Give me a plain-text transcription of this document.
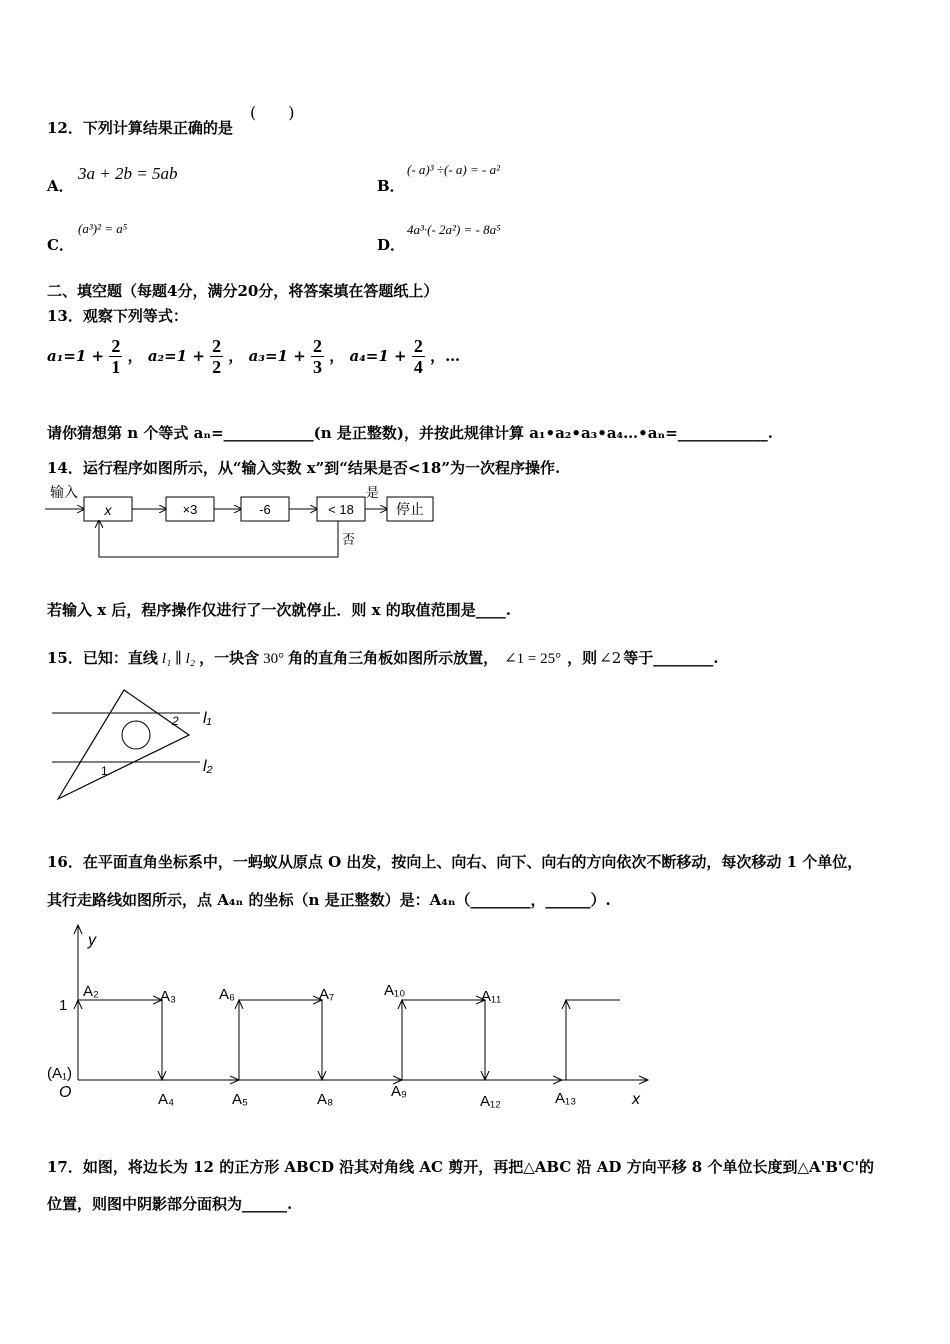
12．下列计算结果正确的是
(　　)
A．
3a + 2b = 5ab
B．
(- a)³ ÷(- a) = - a²
C．
(a³)² = a⁵
D．
4a³·(- 2a²) = - 8a⁵
二、填空题（每题4分，满分20分，将答案填在答题纸上）
13．观察下列等式：
$a_1=1 + \frac{2}{1}$ ， $a_2=1 + \frac{2}{2}$ ， $a_3=1 + \frac{2}{3}$ ， $a_4=1 + \frac{2}{4}$ ，…
请你猜想第 n 个等式 aₙ=____________(n 是正整数)，并按此规律计算 a₁•a₂•a₃•a₄…•aₙ=____________.
14．运行程序如图所示，从“输入实数 x”到“结果是否<18”为一次程序操作.
输入
x	×3	-6	< 18
是
停止
否
若输入 x 后，程序操作仅进行了一次就停止．则 x 的取值范围是____.
15．已知：直线 l₁ ∥ l₂ ，一块含 30° 角的直角三角板如图所示放置， ∠1 = 25° ，则 ∠2 等于________.
2
1
l₁
l₂
16．在平面直角坐标系中，一蚂蚁从原点 O 出发，按向上、向右、向下、向右的方向依次不断移动，每次移动 1 个单位，
其行走路线如图所示，点 A₄ₙ 的坐标（n 是正整数）是：A₄ₙ（________，______）.
y
x
1
O
(A₁)
A₂	A₃	A₆	A₇	A₁₀	A₁₁
A₄	A₅	A₈	A₉
A₁₂	A₁₃
17．如图，将边长为 12 的正方形 ABCD 沿其对角线 AC 剪开，再把△ABC 沿 AD 方向平移 8 个单位长度到△A'B'C'的
位置，则图中阴影部分面积为______.
